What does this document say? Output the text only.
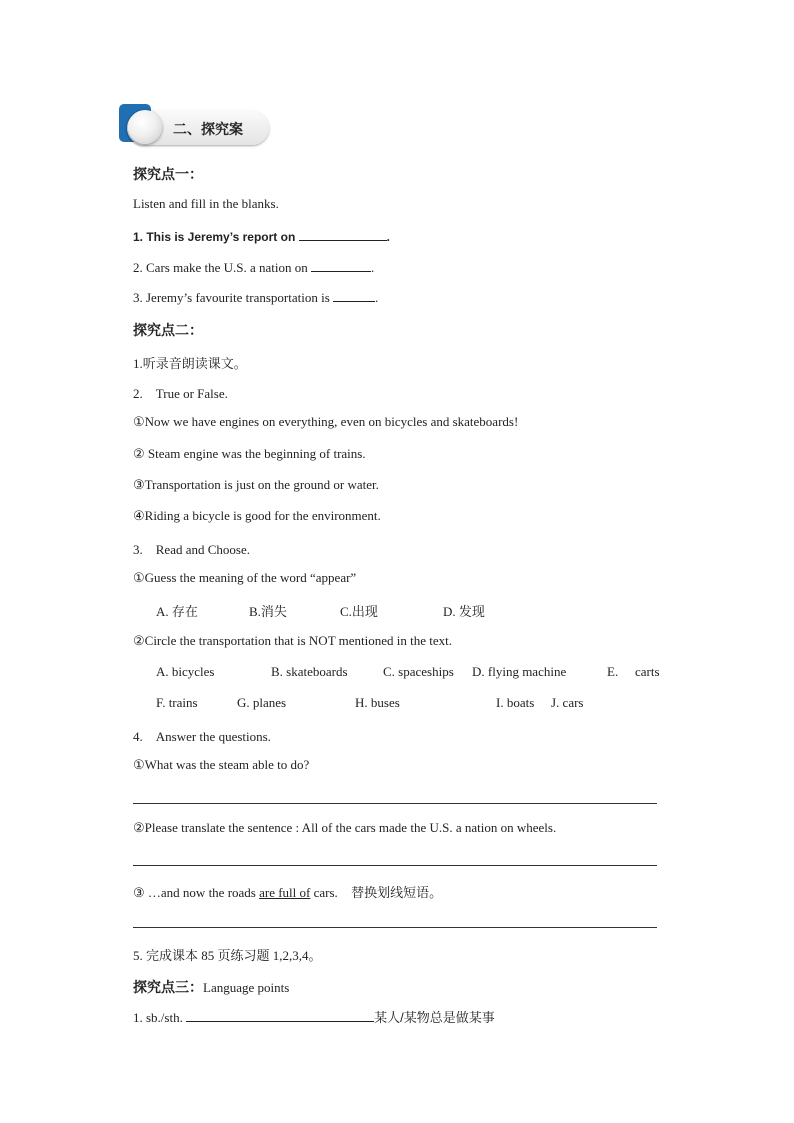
二、探究案
探究点一：
Listen and fill in the blanks.
1. This is Jeremy’s report on	.
2. Cars make the U.S. a nation on	.
3. Jeremy’s favourite transportation is	.
探究点二：
1.听录音朗读课文。
2.　True or False.
①Now we have engines on everything, even on bicycles and skateboards!
② Steam engine was the beginning of trains.
③Transportation is just on the ground or water.
④Riding a bicycle is good for the environment.
3.　Read and Choose.
①Guess the meaning of the word “appear”
A. 存在	B.消失	C.出现	D. 发现
②Circle the transportation that is NOT mentioned in the text.
A. bicycles	B. skateboards	C. spaceships D. flying machine	E. carts
F. trains	G. planes	H. buses	I. boats J. cars
4.　Answer the questions.
①What was the steam able to do?
②Please translate the sentence : All of the cars made the U.S. a nation on wheels.
③ …and now the roads are full of cars. 替换划线短语。
5. 完成课本 85 页练习题 1,2,3,4。
探究点三：Language points
1. sb./sth.	某人/某物总是做某事
